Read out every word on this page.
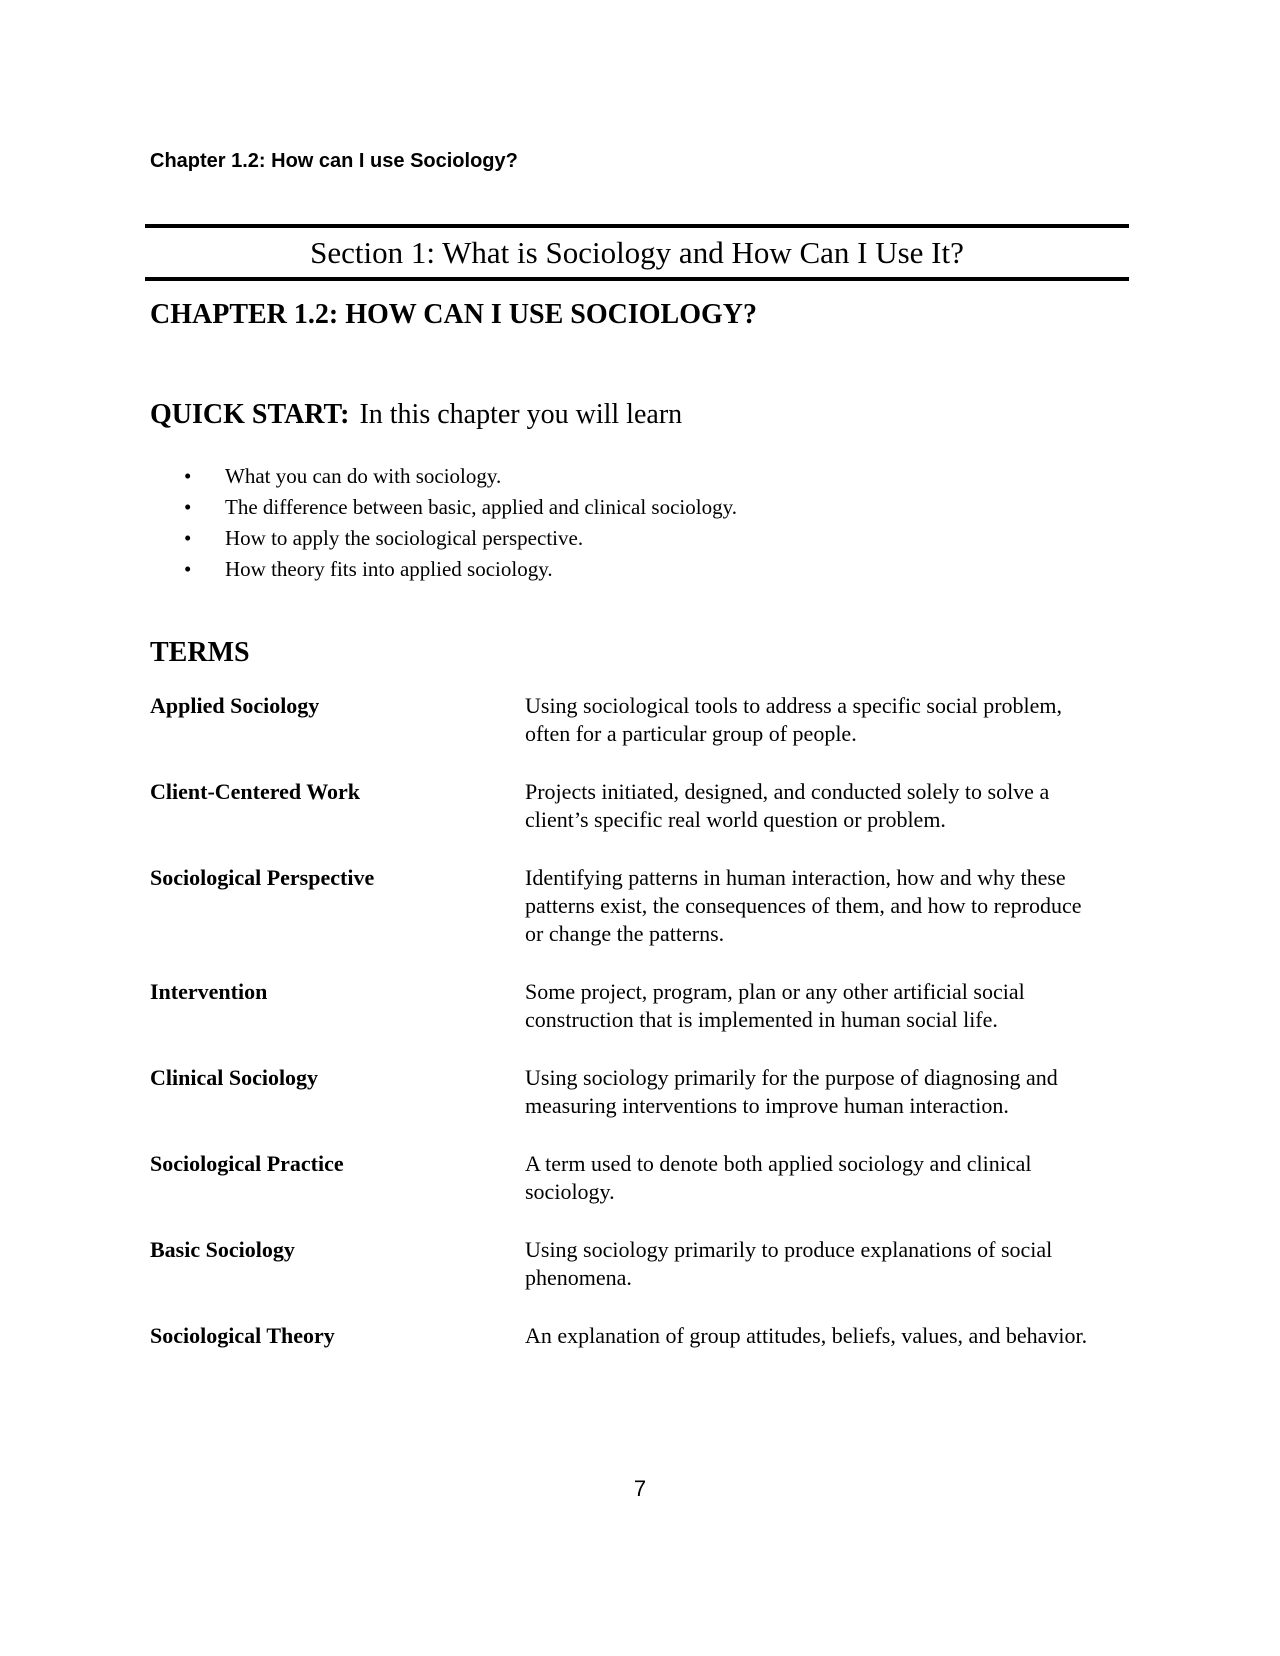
Chapter 1.2: How can I use Sociology?
Section 1: What is Sociology and How Can I Use It?
CHAPTER 1.2: HOW CAN I USE SOCIOLOGY?
QUICK START: In this chapter you will learn
• What you can do with sociology.
• The difference between basic, applied and clinical sociology.
• How to apply the sociological perspective.
• How theory fits into applied sociology.
TERMS
Applied Sociology	Using sociological tools to address a specific social problem, often for a particular group of people.
Client-Centered Work	Projects initiated, designed, and conducted solely to solve a client’s specific real world question or problem.
Sociological Perspective	Identifying patterns in human interaction, how and why these patterns exist, the consequences of them, and how to reproduce or change the patterns.
Intervention	Some project, program, plan or any other artificial social construction that is implemented in human social life.
Clinical Sociology	Using sociology primarily for the purpose of diagnosing and measuring interventions to improve human interaction.
Sociological Practice	A term used to denote both applied sociology and clinical sociology.
Basic Sociology	Using sociology primarily to produce explanations of social phenomena.
Sociological Theory	An explanation of group attitudes, beliefs, values, and behavior.
7
